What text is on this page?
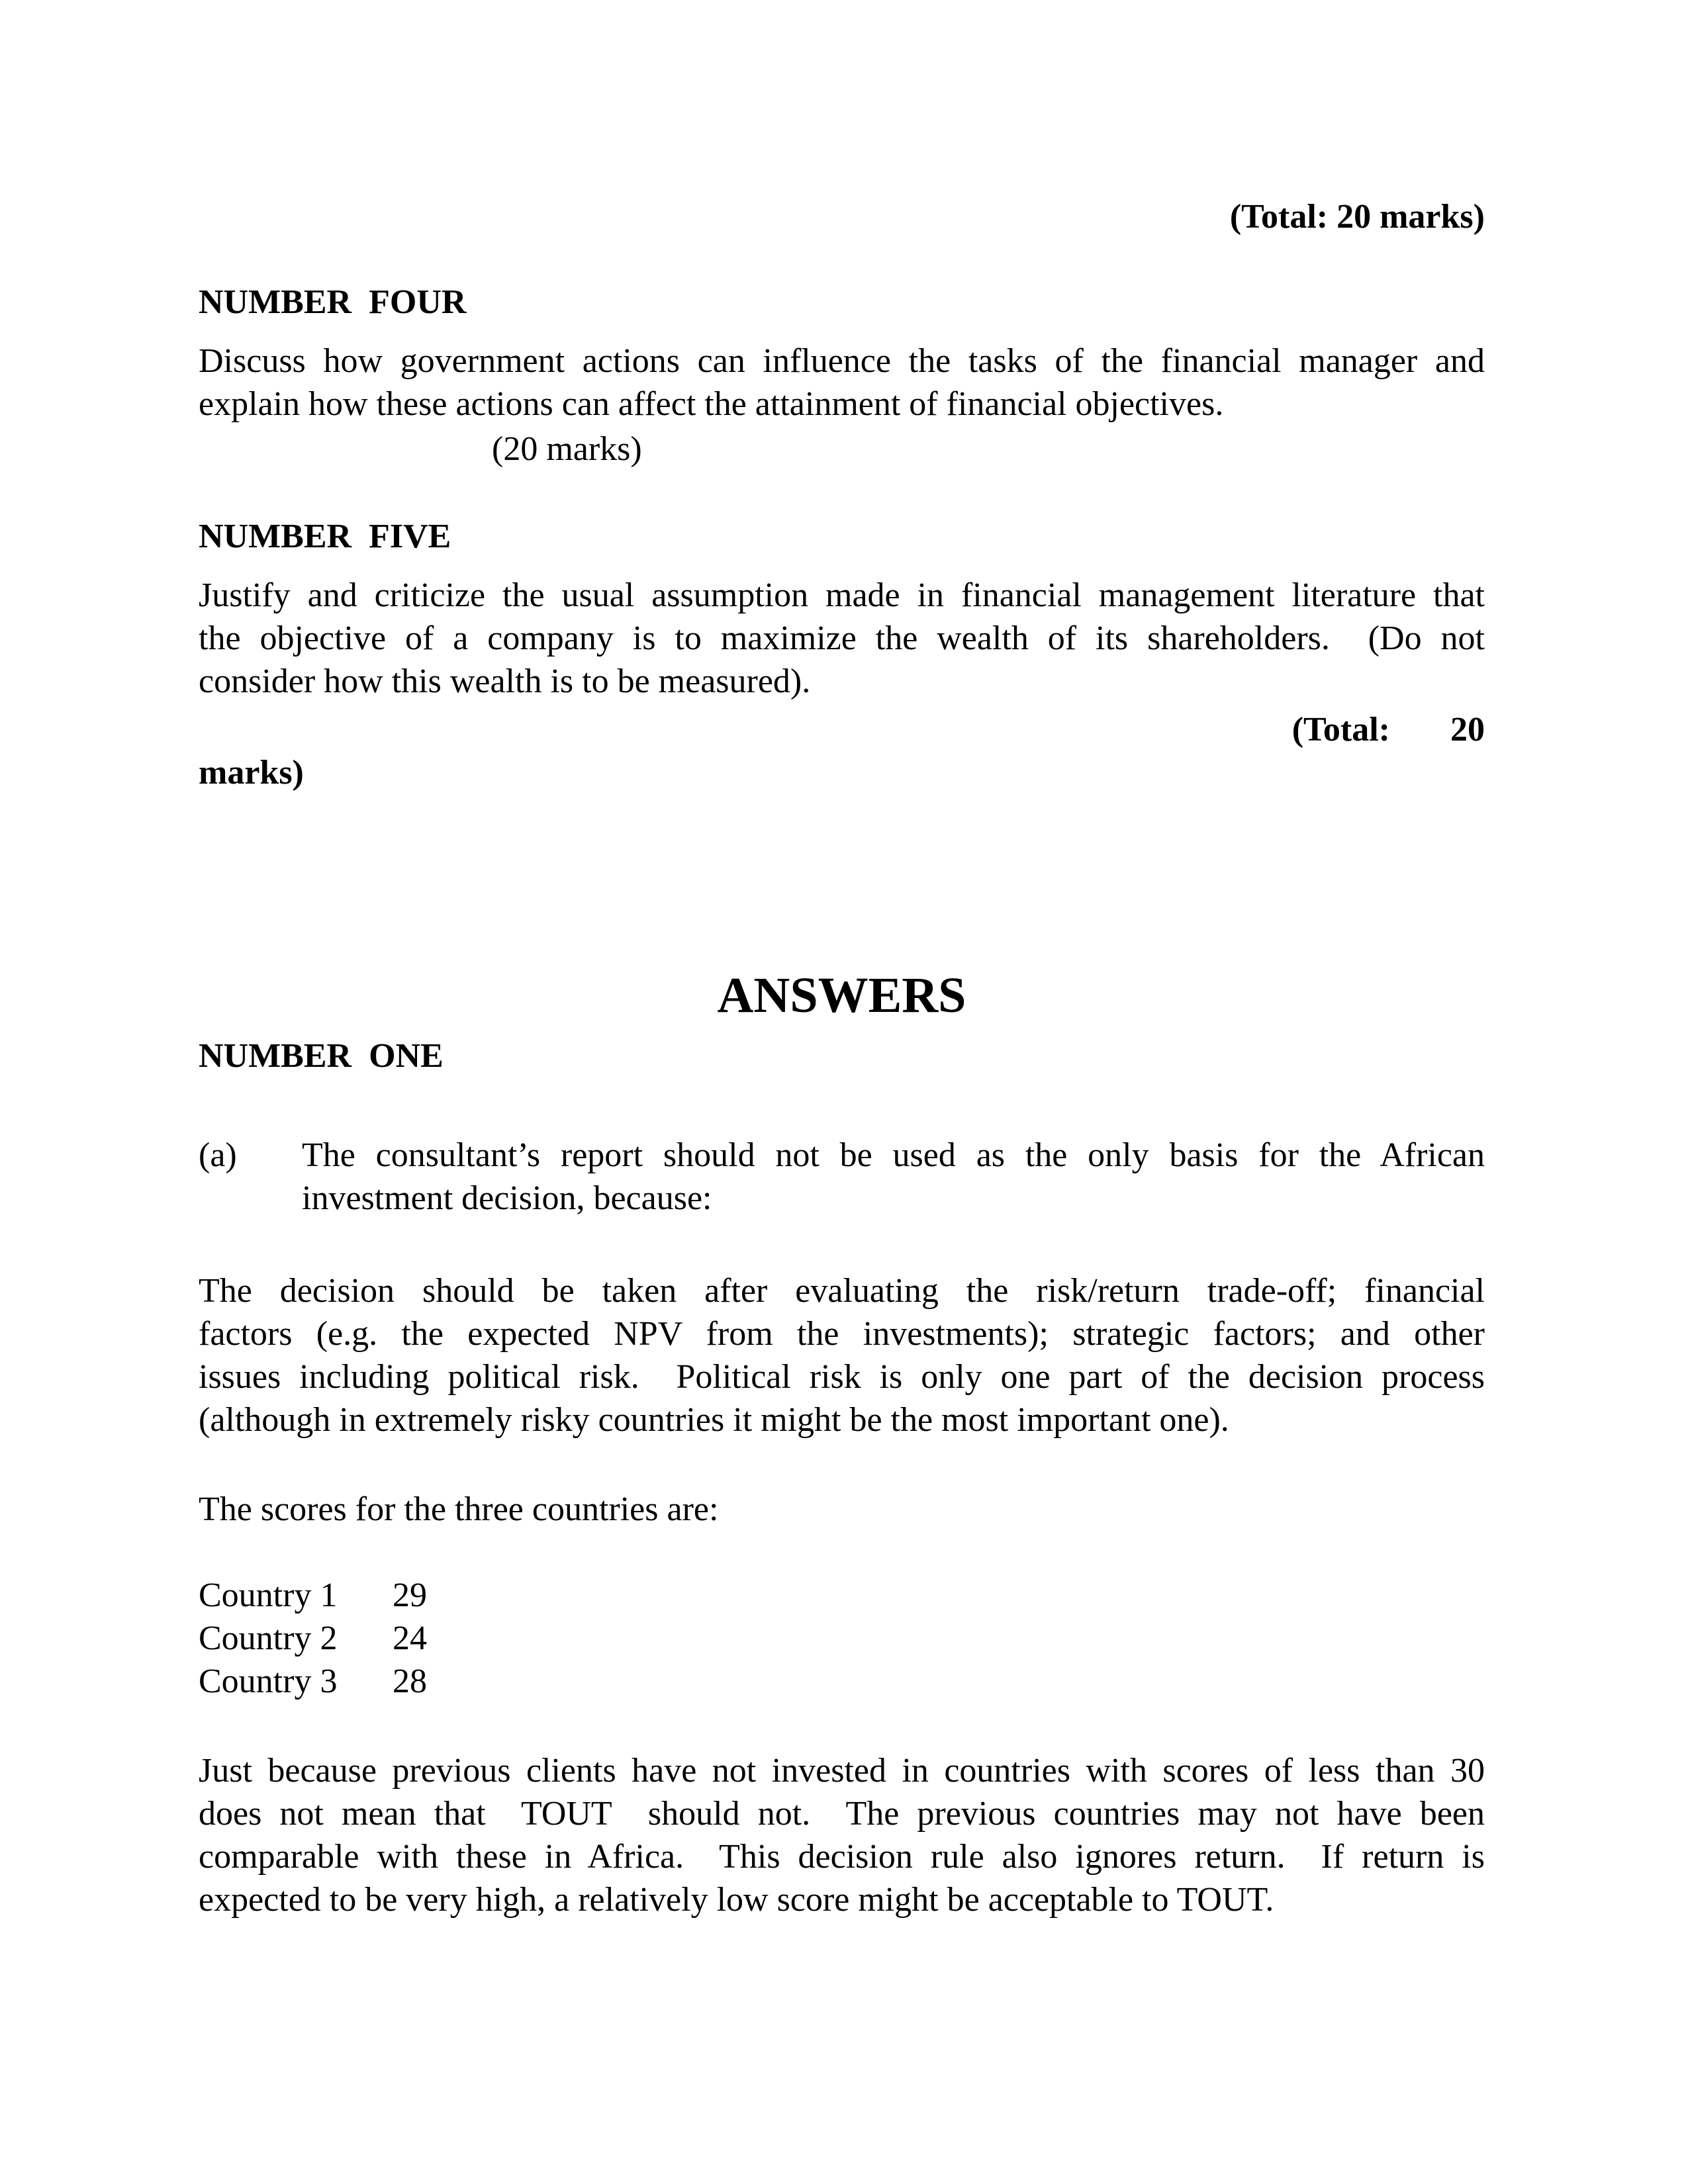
(Total: 20 marks)
NUMBER  FOUR
Discuss how government actions can influence the tasks of the financial manager and
explain how these actions can affect the attainment of financial objectives.
(20 marks)
NUMBER  FIVE
Justify and criticize the usual assumption made in financial management literature that
the objective of a company is to maximize the wealth of its shareholders.  (Do not
consider how this wealth is to be measured).
(Total:       20
marks)
ANSWERS
NUMBER  ONE
(a) The consultant’s report should not be used as the only basis for the African
investment decision, because:
The decision should be taken after evaluating the risk/return trade-off; financial
factors (e.g. the expected NPV from the investments); strategic factors; and other
issues including political risk.  Political risk is only one part of the decision process
(although in extremely risky countries it might be the most important one).
The scores for the three countries are:
Country 1 29
Country 2 24
Country 3 28
Just because previous clients have not invested in countries with scores of less than 30
does not mean that  TOUT  should not.  The previous countries may not have been
comparable with these in Africa.  This decision rule also ignores return.  If return is
expected to be very high, a relatively low score might be acceptable to TOUT.
